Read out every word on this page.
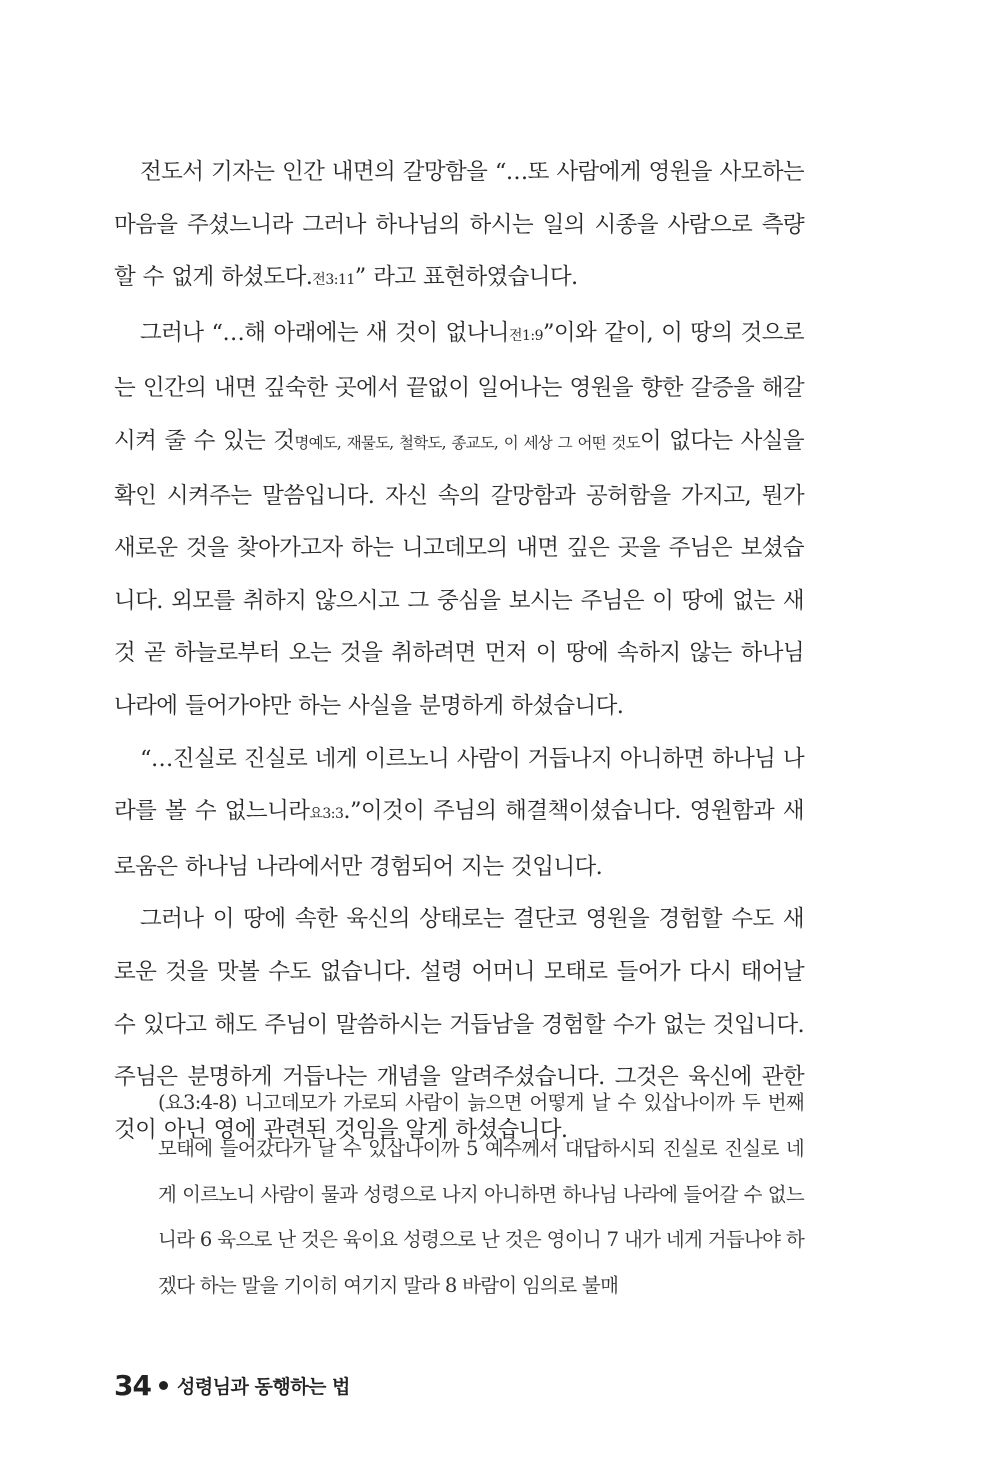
전도서 기자는 인간 내면의 갈망함을 “…또 사람에게 영원을 사모하는 마음을 주셨느니라 그러나 하나님의 하시는 일의 시종을 사람으로 측량할 수 없게 하셨도다.전3:11” 라고 표현하였습니다.

그러나 “…해 아래에는 새 것이 없나니전1:9”이와 같이, 이 땅의 것으로는 인간의 내면 깊숙한 곳에서 끝없이 일어나는 영원을 향한 갈증을 해갈시켜 줄 수 있는 것명예도, 재물도, 철학도, 종교도, 이 세상 그 어떤 것도이 없다는 사실을 확인 시켜주는 말씀입니다. 자신 속의 갈망함과 공허함을 가지고, 뭔가 새로운 것을 찾아가고자 하는 니고데모의 내면 깊은 곳을 주님은 보셨습니다. 외모를 취하지 않으시고 그 중심을 보시는 주님은 이 땅에 없는 새것 곧 하늘로부터 오는 것을 취하려면 먼저 이 땅에 속하지 않는 하나님 나라에 들어가야만 하는 사실을 분명하게 하셨습니다.

“…진실로 진실로 네게 이르노니 사람이 거듭나지 아니하면 하나님 나라를 볼 수 없느니라요3:3.”이것이 주님의 해결책이셨습니다. 영원함과 새로움은 하나님 나라에서만 경험되어 지는 것입니다.

그러나 이 땅에 속한 육신의 상태로는 결단코 영원을 경험할 수도 새로운 것을 맛볼 수도 없습니다. 설령 어머니 모태로 들어가 다시 태어날 수 있다고 해도 주님이 말씀하시는 거듭남을 경험할 수가 없는 것입니다. 주님은 분명하게 거듭나는 개념을 알려주셨습니다. 그것은 육신에 관한 것이 아닌 영에 관련된 것임을 알게 하셨습니다.

(요3:4-8) 니고데모가 가로되 사람이 늙으면 어떻게 날 수 있삽나이까 두 번째 모태에 들어갔다가 날 수 있삽나이까 5 예수께서 대답하시되 진실로 진실로 네게 이르노니 사람이 물과 성령으로 나지 아니하면 하나님 나라에 들어갈 수 없느니라 6 육으로 난 것은 육이요 성령으로 난 것은 영이니 7 내가 네게 거듭나야 하겠다 하는 말을 기이히 여기지 말라 8 바람이 임의로 불매

34 성령님과 동행하는 법
